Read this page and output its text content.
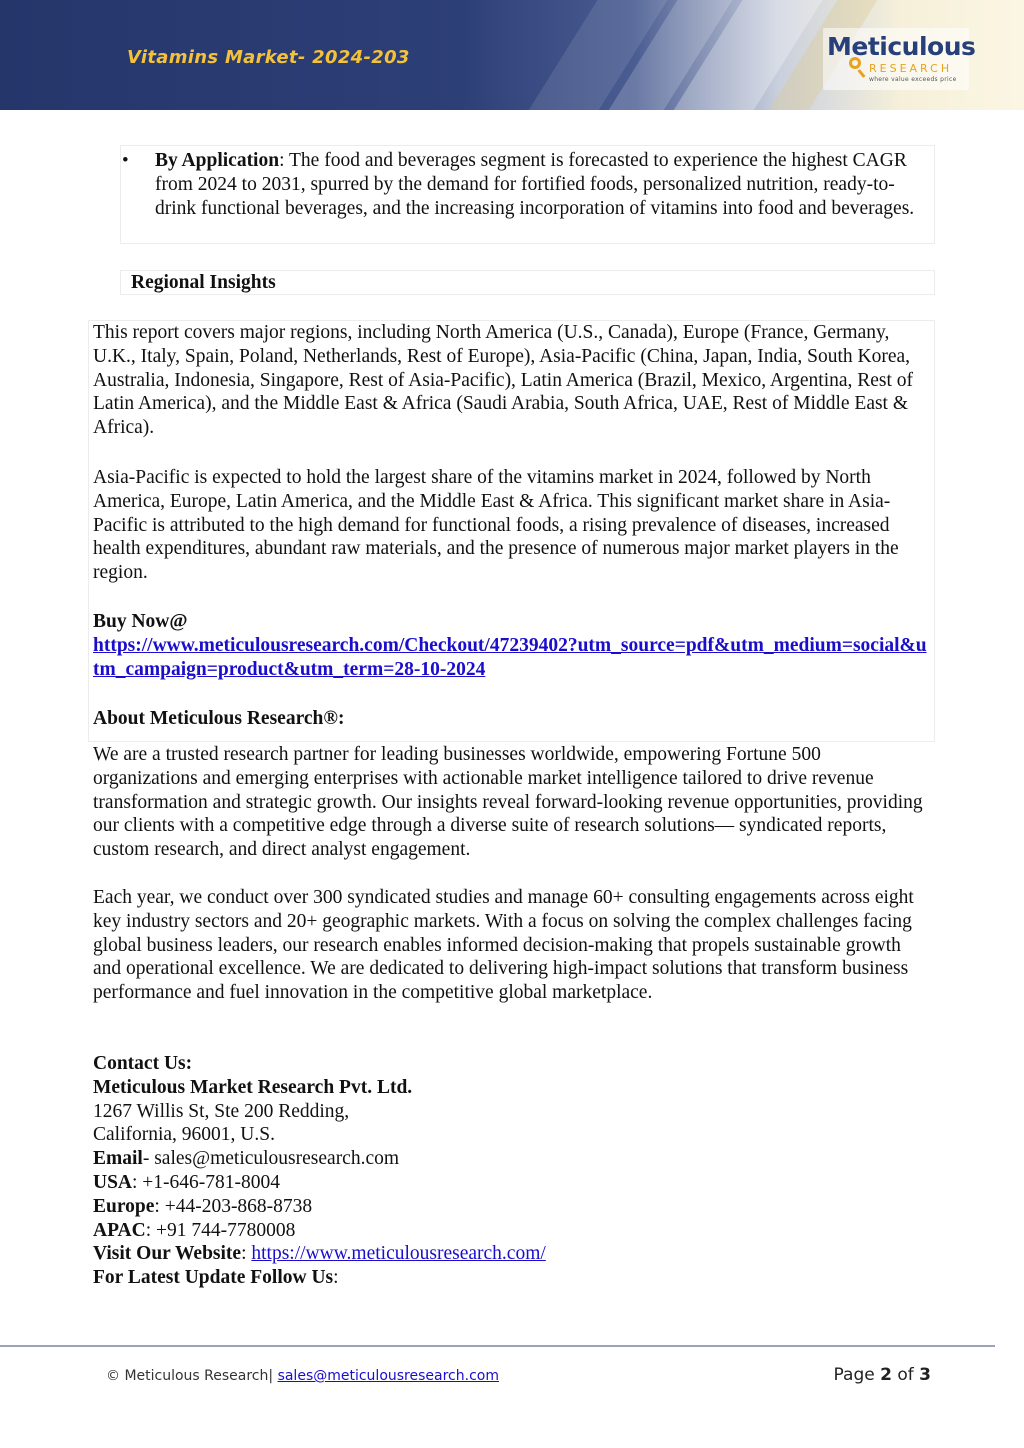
Vitamins Market- 2024-203	Meticulous
RESEARCH
where value exceeds price
• By Application: The food and beverages segment is forecasted to experience the highest CAGR from 2024 to 2031, spurred by the demand for fortified foods, personalized nutrition, ready-to-drink functional beverages, and the increasing incorporation of vitamins into food and beverages.

Regional Insights

This report covers major regions, including North America (U.S., Canada), Europe (France, Germany, U.K., Italy, Spain, Poland, Netherlands, Rest of Europe), Asia-Pacific (China, Japan, India, South Korea, Australia, Indonesia, Singapore, Rest of Asia-Pacific), Latin America (Brazil, Mexico, Argentina, Rest of Latin America), and the Middle East & Africa (Saudi Arabia, South Africa, UAE, Rest of Middle East & Africa).

Asia-Pacific is expected to hold the largest share of the vitamins market in 2024, followed by North America, Europe, Latin America, and the Middle East & Africa. This significant market share in Asia-Pacific is attributed to the high demand for functional foods, a rising prevalence of diseases, increased health expenditures, abundant raw materials, and the presence of numerous major market players in the region.

Buy Now@
https://www.meticulousresearch.com/Checkout/47239402?utm_source=pdf&utm_medium=social&utm_campaign=product&utm_term=28-10-2024
About Meticulous Research®:

We are a trusted research partner for leading businesses worldwide, empowering Fortune 500 organizations and emerging enterprises with actionable market intelligence tailored to drive revenue transformation and strategic growth. Our insights reveal forward-looking revenue opportunities, providing our clients with a competitive edge through a diverse suite of research solutions— syndicated reports, custom research, and direct analyst engagement.

Each year, we conduct over 300 syndicated studies and manage 60+ consulting engagements across eight key industry sectors and 20+ geographic markets. With a focus on solving the complex challenges facing global business leaders, our research enables informed decision-making that propels sustainable growth and operational excellence. We are dedicated to delivering high-impact solutions that transform business performance and fuel innovation in the competitive global marketplace.

Contact Us:
Meticulous Market Research Pvt. Ltd.
1267 Willis St, Ste 200 Redding,
California, 96001, U.S.
Email- sales@meticulousresearch.com
USA: +1-646-781-8004
Europe: +44-203-868-8738
APAC: +91 744-7780008
Visit Our Website: https://www.meticulousresearch.com/
For Latest Update Follow Us:
© Meticulous Research| sales@meticulousresearch.com	Page 2 of 3
